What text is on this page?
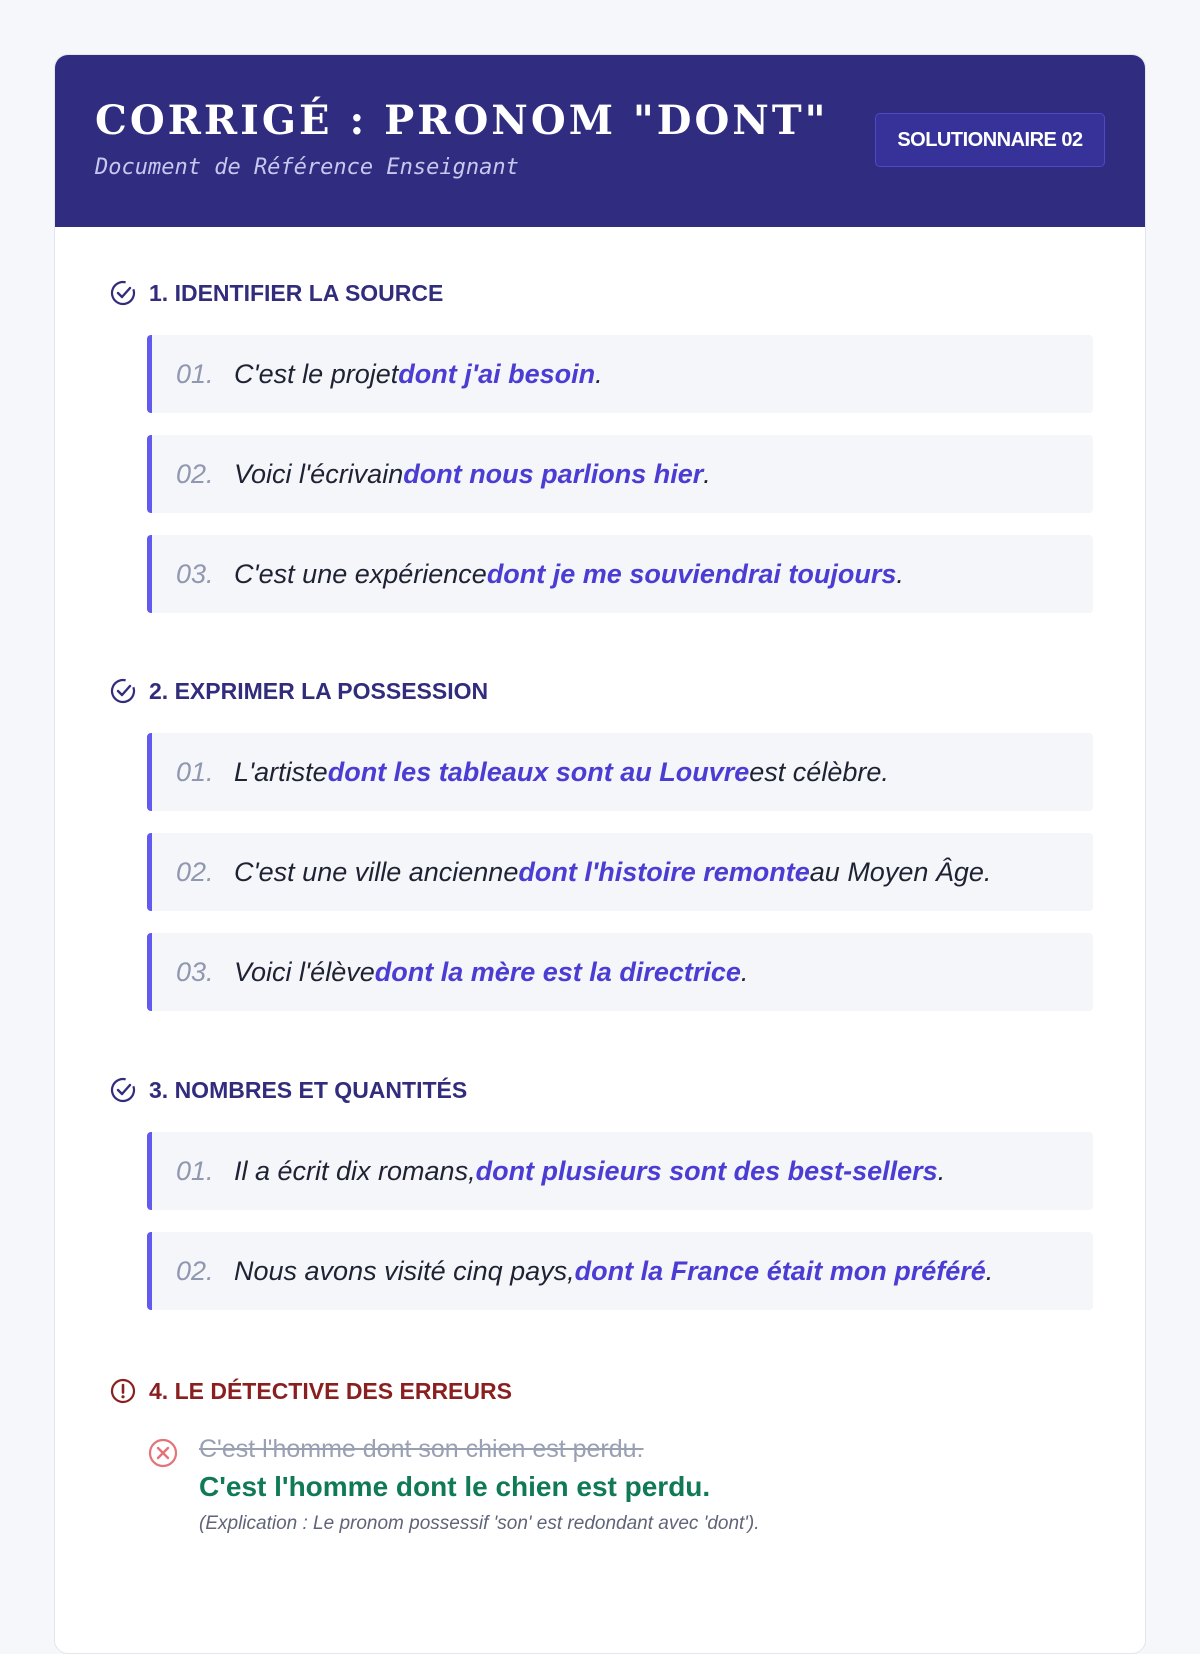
CORRIGÉ : PRONOM "DONT"
Document de Référence Enseignant
SOLUTIONNAIRE 02
1. IDENTIFIER LA SOURCE
01. C'est le projet dont j'ai besoin .
02. Voici l'écrivain dont nous parlions hier .
03. C'est une expérience dont je me souviendrai toujours .
2. EXPRIMER LA POSSESSION
01. L'artiste dont les tableaux sont au Louvre est célèbre.
02. C'est une ville ancienne dont l'histoire remonte au Moyen Âge.
03. Voici l'élève dont la mère est la directrice .
3. NOMBRES ET QUANTITÉS
01. Il a écrit dix romans, dont plusieurs sont des best-sellers .
02. Nous avons visité cinq pays, dont la France était mon préféré .
4. LE DÉTECTIVE DES ERREURS
C'est l'homme dont son chien est perdu.
C'est l'homme dont le chien est perdu.
(Explication : Le pronom possessif 'son' est redondant avec 'dont').
